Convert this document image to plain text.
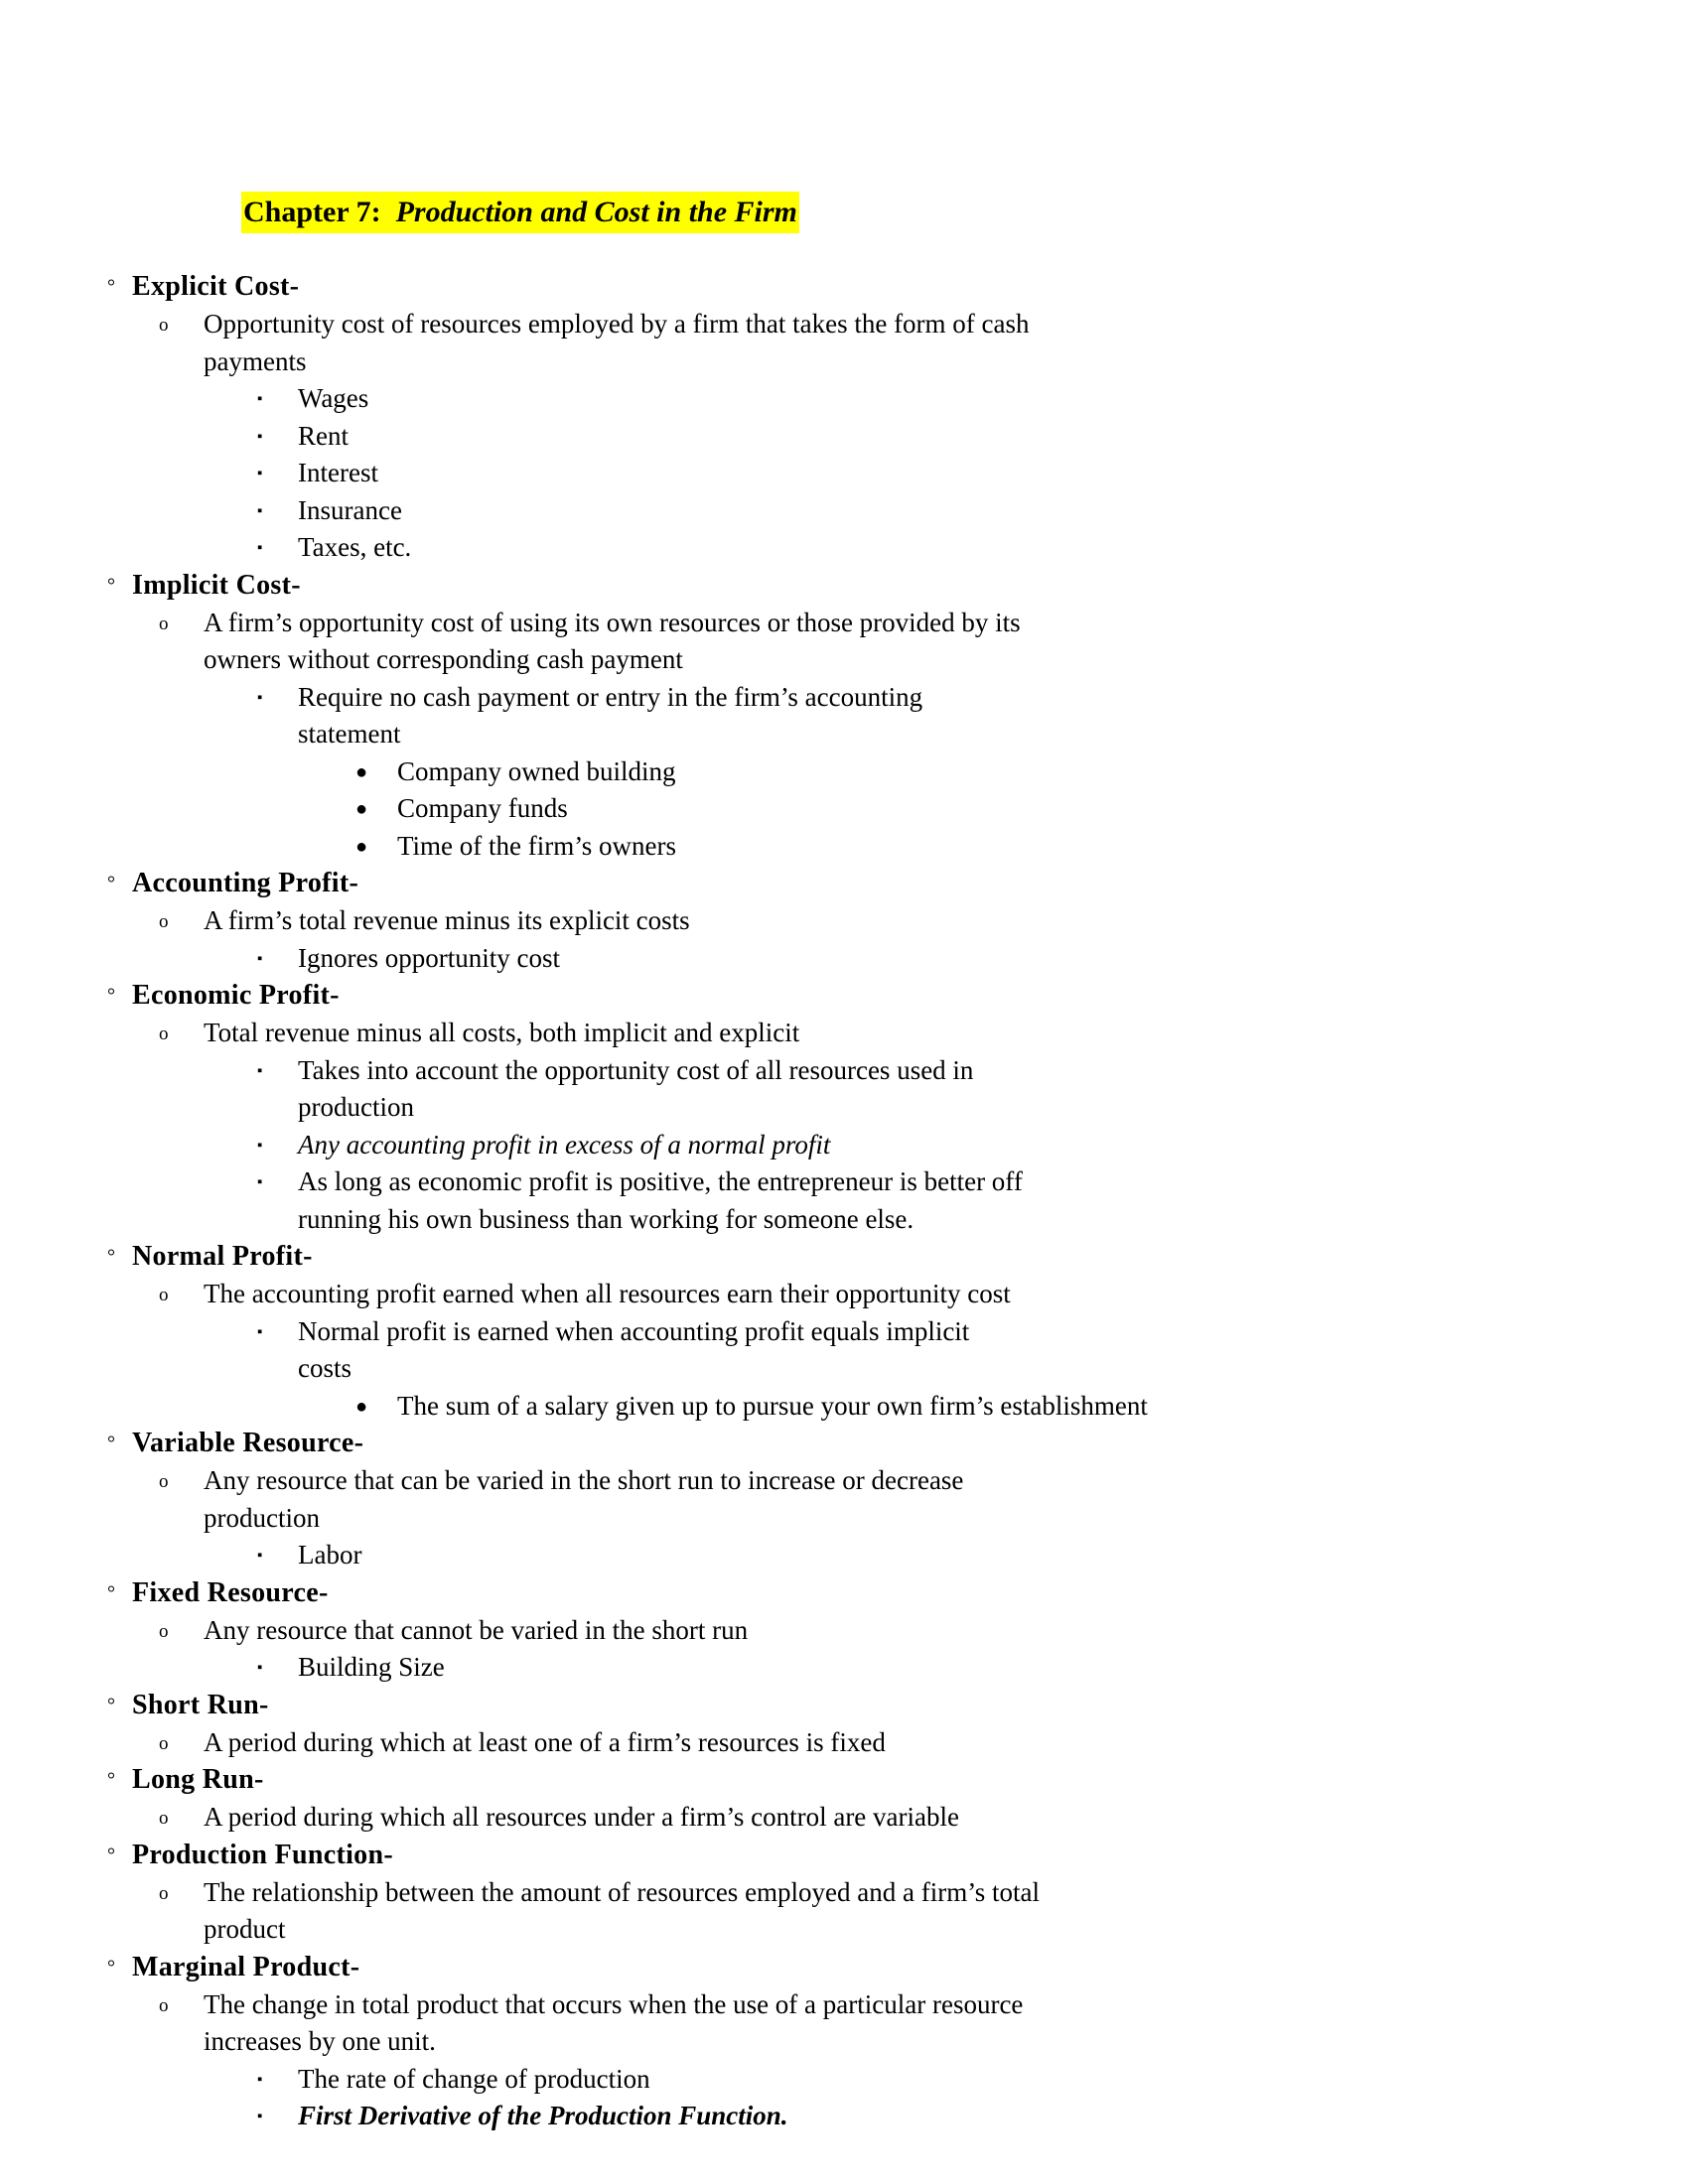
Chapter 7: Production and Cost in the Firm
° Explicit Cost-
o Opportunity cost of resources employed by a firm that takes the form of cash payments
▪ Wages
▪ Rent
▪ Interest
▪ Insurance
▪ Taxes, etc.
° Implicit Cost-
o A firm’s opportunity cost of using its own resources or those provided by its owners without corresponding cash payment
▪ Require no cash payment or entry in the firm’s accounting statement
● Company owned building
● Company funds
● Time of the firm’s owners
° Accounting Profit-
o A firm’s total revenue minus its explicit costs
▪ Ignores opportunity cost
° Economic Profit-
o Total revenue minus all costs, both implicit and explicit
▪ Takes into account the opportunity cost of all resources used in production
▪ Any accounting profit in excess of a normal profit
▪ As long as economic profit is positive, the entrepreneur is better off running his own business than working for someone else.
° Normal Profit-
o The accounting profit earned when all resources earn their opportunity cost
▪ Normal profit is earned when accounting profit equals implicit costs
● The sum of a salary given up to pursue your own firm’s establishment
° Variable Resource-
o Any resource that can be varied in the short run to increase or decrease production
▪ Labor
° Fixed Resource-
o Any resource that cannot be varied in the short run
▪ Building Size
° Short Run-
o A period during which at least one of a firm’s resources is fixed
° Long Run-
o A period during which all resources under a firm’s control are variable
° Production Function-
o The relationship between the amount of resources employed and a firm’s total product
° Marginal Product-
o The change in total product that occurs when the use of a particular resource increases by one unit.
▪ The rate of change of production
▪ First Derivative of the Production Function.
